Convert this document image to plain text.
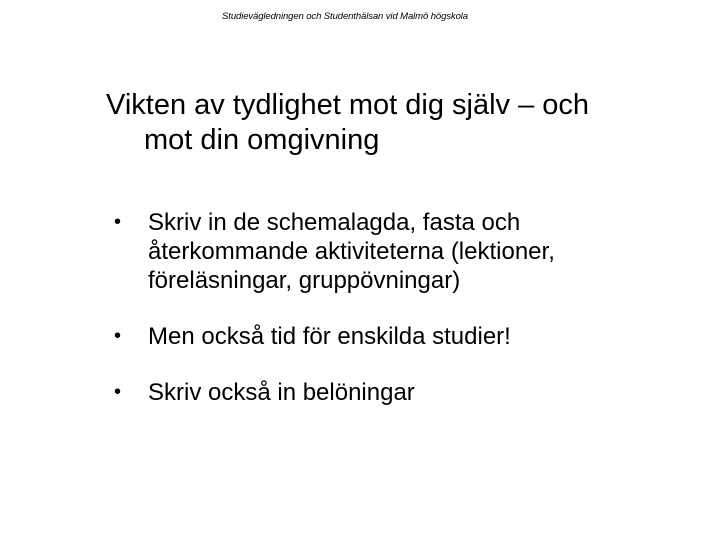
Studievägledningen och Studenthälsan vid Malmö högskola
Vikten av tydlighet mot dig själv – och
mot din omgivning
• Skriv in de schemalagda, fasta och
återkommande aktiviteterna (lektioner,
föreläsningar, gruppövningar)
• Men också tid för enskilda studier!
• Skriv också in belöningar
